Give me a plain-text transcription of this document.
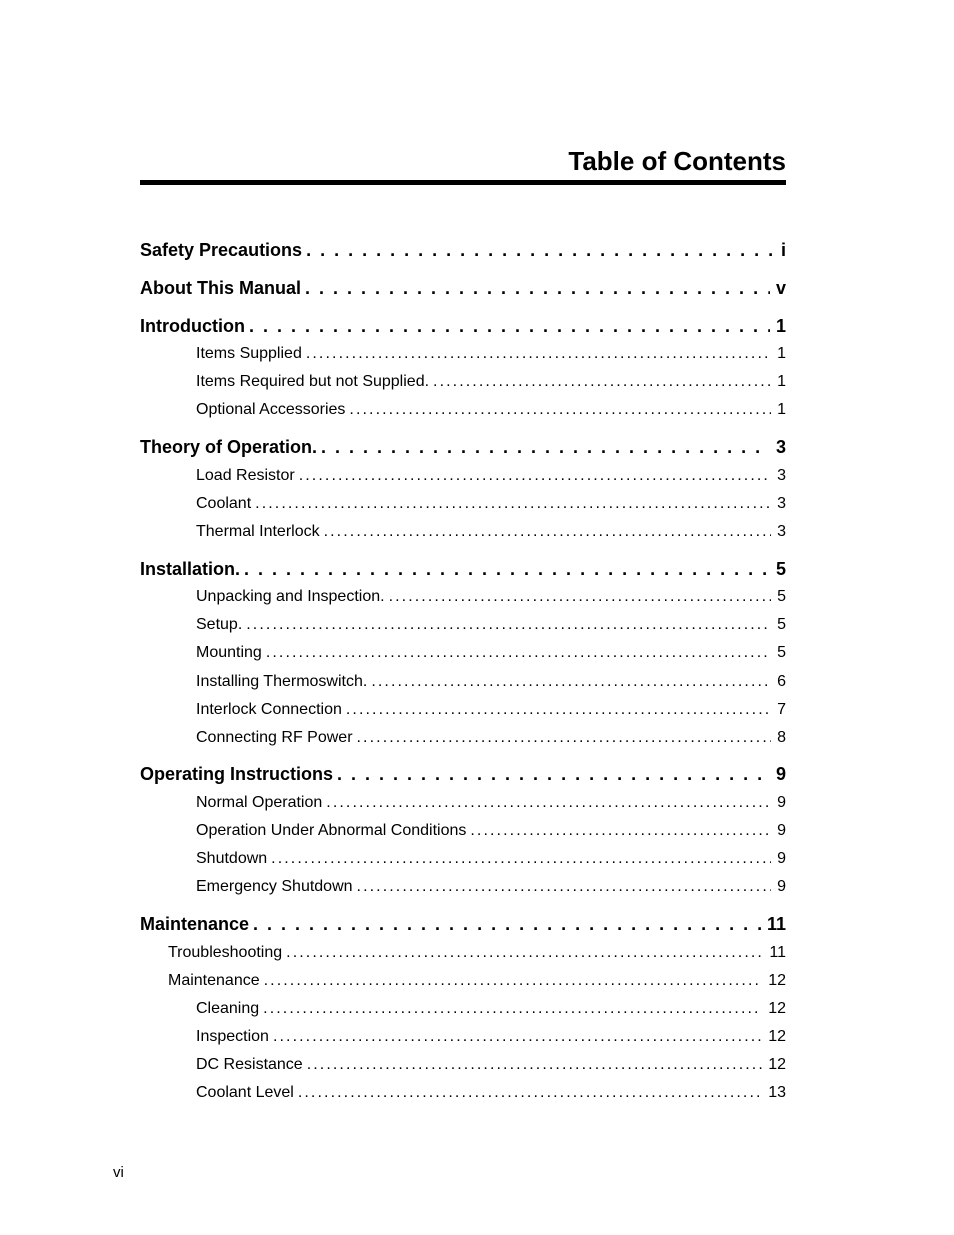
Table of Contents
Safety Precautions . . .	i
About This Manual . . .	v
Introduction . . .	1
Items Supplied .....	1
Items Required but not Supplied. .....	1
Optional Accessories .....	1
Theory of Operation. . . .	3
Load Resistor .....	3
Coolant .....	3
Thermal Interlock .....	3
Installation. . . .	5
Unpacking and Inspection. .....	5
Setup. .....	5
Mounting .....	5
Installing Thermoswitch. .....	6
Interlock Connection .....	7
Connecting RF Power .....	8
Operating Instructions . . .	9
Normal Operation .....	9
Operation Under Abnormal Conditions .....	9
Shutdown .....	9
Emergency Shutdown .....	9
Maintenance . . .	11
Troubleshooting .....	11
Maintenance .....	12
Cleaning .....	12
Inspection .....	12
DC Resistance .....	12
Coolant Level .....	13
vi
